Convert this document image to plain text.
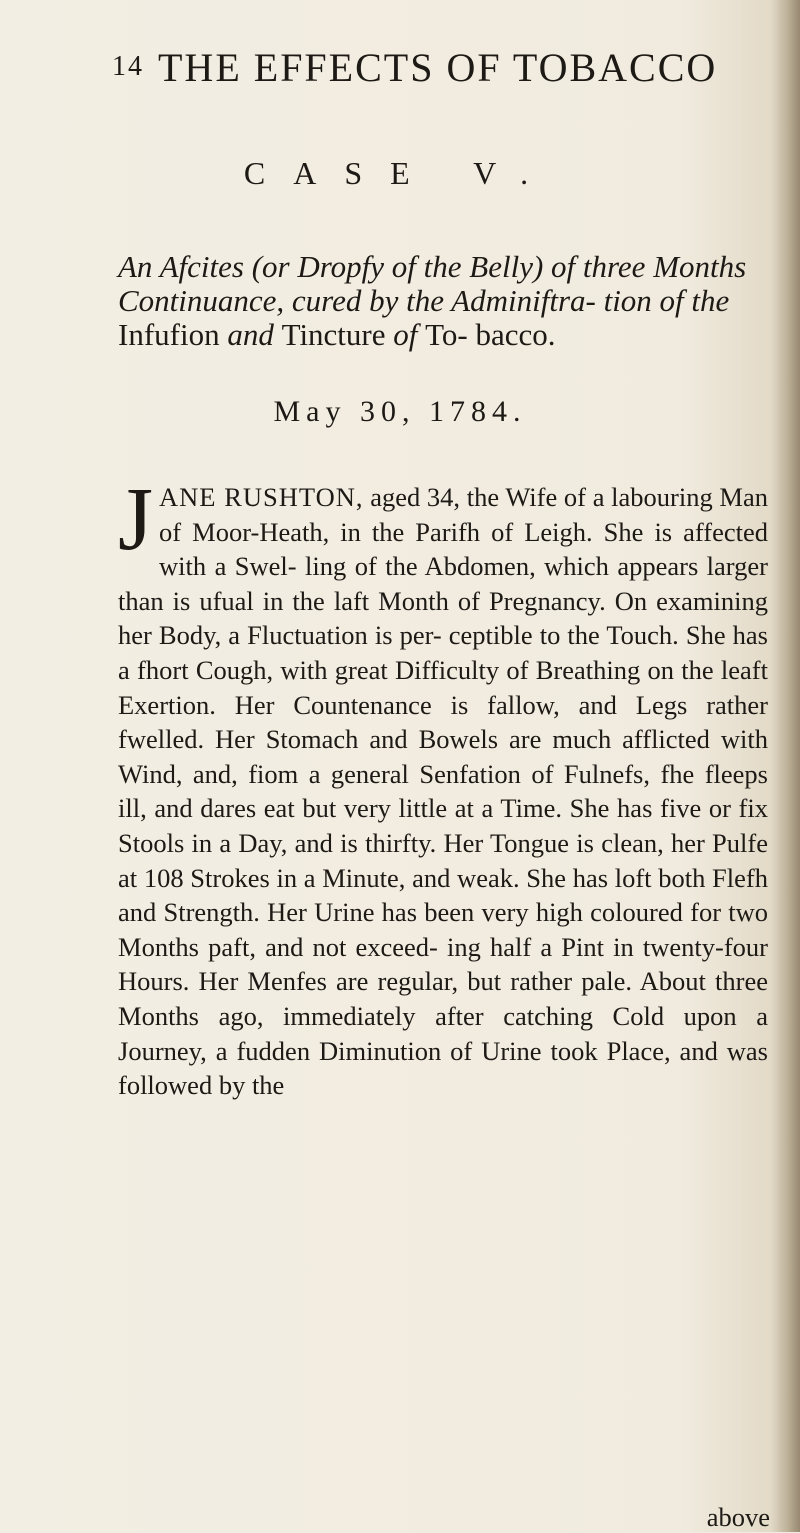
14 THE EFFECTS OF TOBACCO
CASE V.
An Afcites (or Dropfy of the Belly) of three Months Continuance, cured by the Adminiftra- tion of the Infufion and Tincture of To- bacco.
May 30, 1784.
JANE RUSHTON, aged 34, the Wife of a labouring Man of Moor-Heath, in the Parifh of Leigh. She is affected with a Swel- ling of the Abdomen, which appears larger than is ufual in the laft Month of Pregnancy. On examining her Body, a Fluctuation is per- ceptible to the Touch. She has a fhort Cough, with great Difficulty of Breathing on the leaft Exertion. Her Countenance is fallow, and Legs rather fwelled. Her Stomach and Bowels are much afflicted with Wind, and, fiom a general Senfation of Fulnefs, fhe fleeps ill, and dares eat but very little at a Time. She has five or fix Stools in a Day, and is thirfty. Her Tongue is clean, her Pulfe at 108 Strokes in a Minute, and weak. She has loft both Flefh and Strength. Her Urine has been very high coloured for two Months paft, and not exceed- ing half a Pint in twenty-four Hours. Her Menfes are regular, but rather pale. About three Months ago, immediately after catching Cold upon a Journey, a fudden Diminution of Urine took Place, and was followed by the
above
